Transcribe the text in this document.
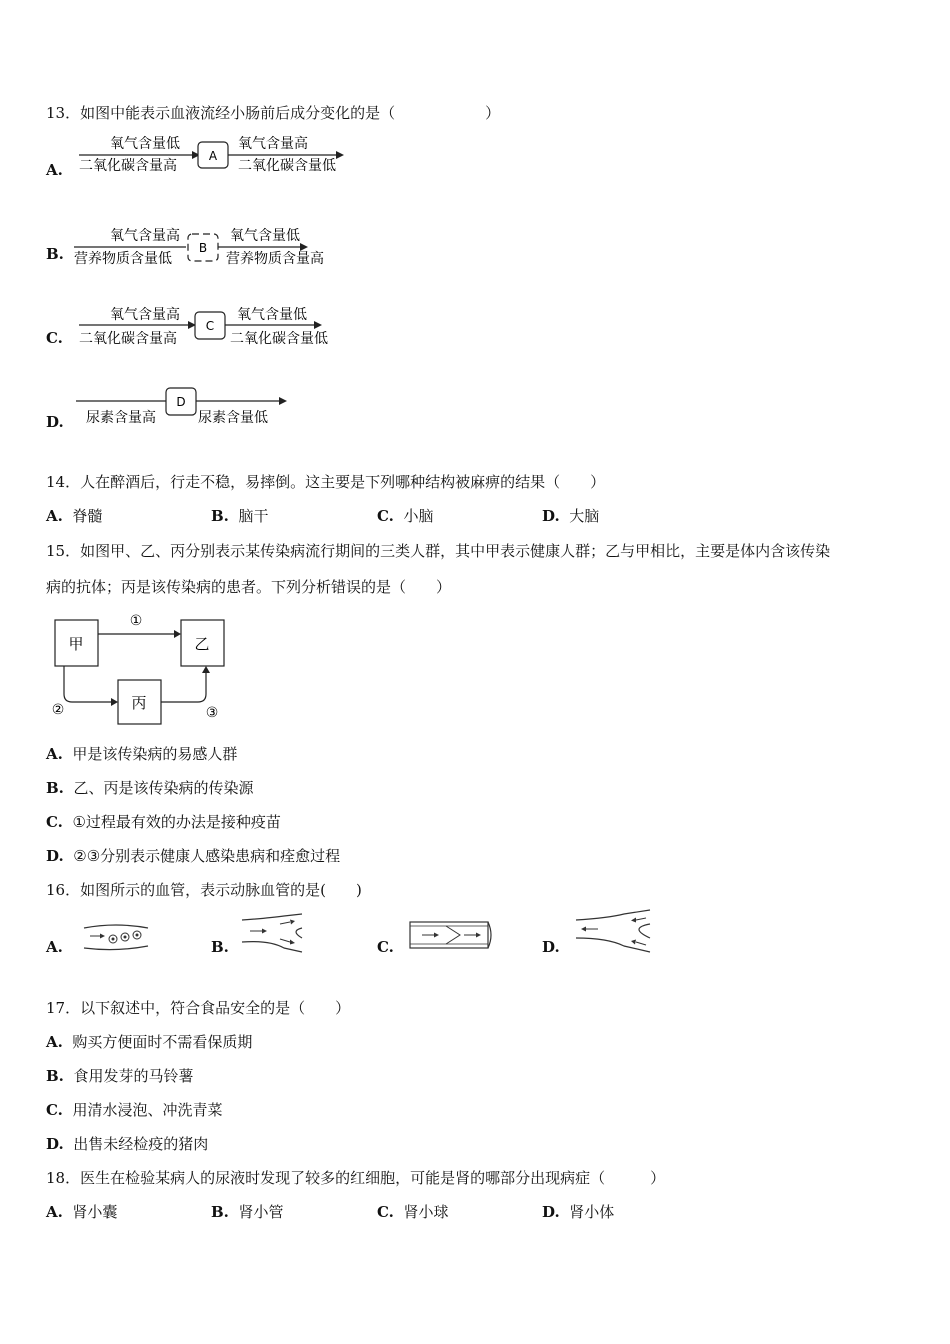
13．如图中能表示血液流经小肠前后成分变化的是（　　　　　　）
A.
氧气含量低
二氧化碳含量高
A
氧气含量高
二氧化碳含量低
B.
氧气含量高
营养物质含量低
B
氧气含量低
营养物质含量高
C.
氧气含量高
二氧化碳含量高
C
氧气含量低
二氧化碳含量低
D.
D
尿素含量高	尿素含量低
14．人在醉酒后，行走不稳，易摔倒。这主要是下列哪种结构被麻痹的结果（　　）
A. 脊髓	B. 脑干	C. 小脑	D. 大脑
15．如图甲、乙、丙分别表示某传染病流行期间的三类人群，其中甲表示健康人群；乙与甲相比，主要是体内含该传染
病的抗体；丙是该传染病的患者。下列分析错误的是（　　）
甲	乙
丙
①
②	③
A. 甲是该传染病的易感人群
B. 乙、丙是该传染病的传染源
C. ①过程最有效的办法是接种疫苗
D. ②③分别表示健康人感染患病和痊愈过程
16．如图所示的血管，表示动脉血管的是(　　)
A.	B.	C.	D.
17．以下叙述中，符合食品安全的是（　　）
A. 购买方便面时不需看保质期
B. 食用发芽的马铃薯
C. 用清水浸泡、冲洗青菜
D. 出售未经检疫的猪肉
18．医生在检验某病人的尿液时发现了较多的红细胞，可能是肾的哪部分出现病症（　　　）
A. 肾小囊	B. 肾小管	C. 肾小球	D. 肾小体
